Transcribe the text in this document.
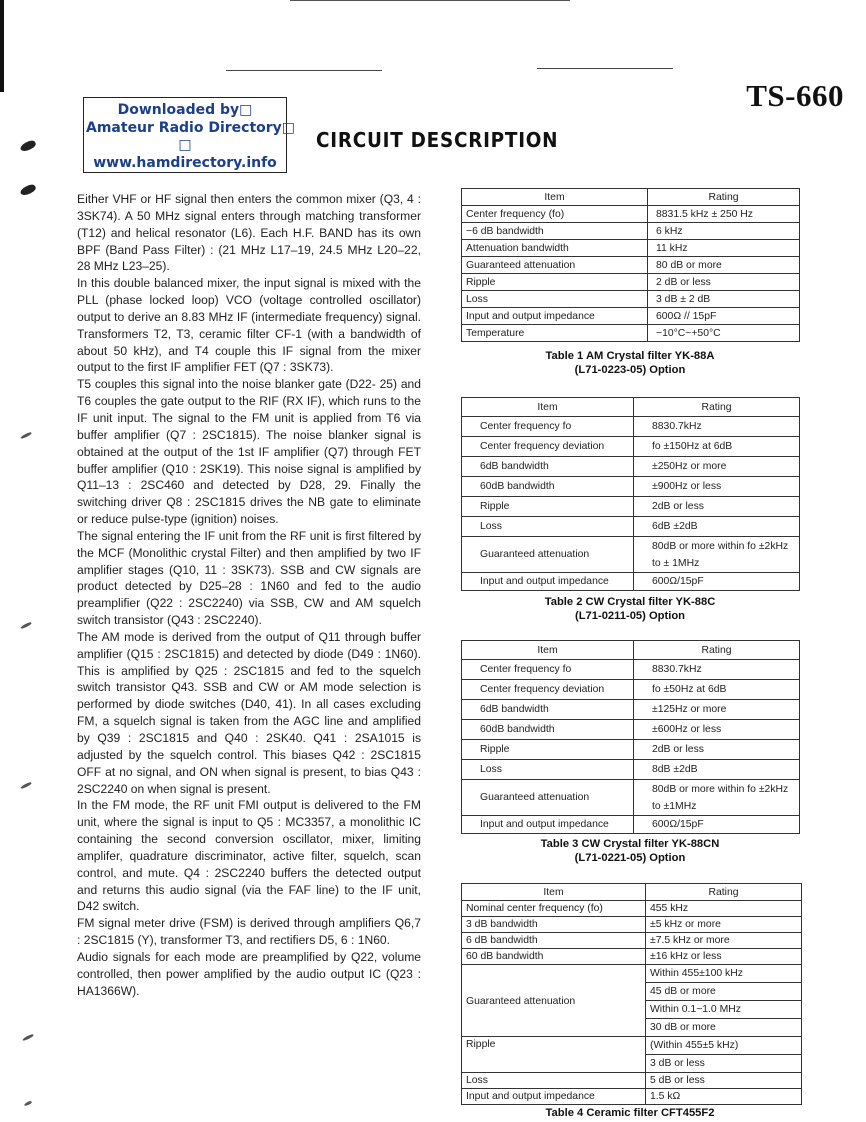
TS-660
Downloaded by□
Amateur Radio Directory□
□
www.hamdirectory.info
CIRCUIT DESCRIPTION

Either VHF or HF signal then enters the common mixer (Q3, 4 : 3SK74). A 50 MHz signal enters through matching transformer (T12) and helical resonator (L6). Each H.F. BAND has its own BPF (Band Pass Filter) : (21 MHz L17–19, 24.5 MHz L20–22, 28 MHz L23–25).

In this double balanced mixer, the input signal is mixed with the PLL (phase locked loop) VCO (voltage controlled oscillator) output to derive an 8.83 MHz IF (intermediate frequency) signal. Transformers T2, T3, ceramic filter CF-1 (with a bandwidth of about 50 kHz), and T4 couple this IF signal from the mixer output to the first IF amplifier FET (Q7 : 3SK73).

T5 couples this signal into the noise blanker gate (D22- 25) and T6 couples the gate output to the RIF (RX IF), which runs to the IF unit input. The signal to the FM unit is applied from T6 via buffer amplifier (Q7 : 2SC1815). The noise blanker signal is obtained at the output of the 1st IF amplifier (Q7) through FET buffer amplifier (Q10 : 2SK19). This noise signal is amplified by Q11–13 : 2SC460 and detected by D28, 29. Finally the switching driver Q8 : 2SC1815 drives the NB gate to eliminate or reduce pulse-type (ignition) noises.

The signal entering the IF unit from the RF unit is first filtered by the MCF (Monolithic crystal Filter) and then amplified by two IF amplifier stages (Q10, 11 : 3SK73). SSB and CW signals are product detected by D25–28 : 1N60 and fed to the audio preamplifier (Q22 : 2SC2240) via SSB, CW and AM squelch switch transistor (Q43 : 2SC2240).

The AM mode is derived from the output of Q11 through buffer amplifier (Q15 : 2SC1815) and detected by diode (D49 : 1N60). This is amplified by Q25 : 2SC1815 and fed to the squelch switch transistor Q43. SSB and CW or AM mode selection is performed by diode switches (D40, 41). In all cases excluding FM, a squelch signal is taken from the AGC line and amplified by Q39 : 2SC1815 and Q40 : 2SK40. Q41 : 2SA1015 is adjusted by the squelch control. This biases Q42 : 2SC1815 OFF at no signal, and ON when signal is present, to bias Q43 : 2SC2240 on when signal is present.

In the FM mode, the RF unit FMI output is delivered to the FM unit, where the signal is input to Q5 : MC3357, a monolithic IC containing the second conversion oscillator, mixer, limiting amplifer, quadrature discriminator, active filter, squelch, scan control, and mute. Q4 : 2SC2240 buffers the detected output and returns this audio signal (via the FAF line) to the IF unit, D42 switch.

FM signal meter drive (FSM) is derived through amplifiers Q6,7 : 2SC1815 (Y), transformer T3, and rectifiers D5, 6 : 1N60.

Audio signals for each mode are preamplified by Q22, volume controlled, then power amplified by the audio output IC (Q23 : HA1366W).

Item	Rating
Center frequency (fo)	8831.5 kHz ± 250 Hz
−6 dB bandwidth	6 kHz
Attenuation bandwidth	11 kHz
Guaranteed attenuation	80 dB or more
Ripple	2 dB or less
Loss	3 dB ± 2 dB
Input and output impedance	600Ω // 15pF
Temperature	−10°C~+50°C
Table 1 AM Crystal filter YK-88A
(L71-0223-05) Option
Item	Rating
Center frequency fo	8830.7kHz
Center frequency deviation	fo ±150Hz at 6dB
6dB bandwidth	±250Hz or more
60dB bandwidth	±900Hz or less
Ripple	2dB or less
Loss	6dB ±2dB
Guaranteed attenuation	80dB or more within fo ±2kHz to ± 1MHz
Input and output impedance	600Ω/15pF
Table 2 CW Crystal filter YK-88C
(L71-0211-05) Option
Item	Rating
Center frequency fo	8830.7kHz
Center frequency deviation	fo ±50Hz at 6dB
6dB bandwidth	±125Hz or more
60dB bandwidth	±600Hz or less
Ripple	2dB or less
Loss	8dB ±2dB
Guaranteed attenuation	80dB or more within fo ±2kHz to ±1MHz
Input and output impedance	600Ω/15pF
Table 3 CW Crystal filter YK-88CN
(L71-0221-05) Option
Item	Rating
Nominal center frequency (fo)	455 kHz
3 dB bandwidth	±5 kHz or more
6 dB bandwidth	±7.5 kHz or more
60 dB bandwidth	±16 kHz or less
Guaranteed attenuation	Within 455±100 kHz
	45 dB or more
	Within 0.1~1.0 MHz
	30 dB or more
Ripple	(Within 455±5 kHz)
	3 dB or less
Loss	5 dB or less
Input and output impedance	1.5 kΩ
Table 4 Ceramic filter CFT455F2
